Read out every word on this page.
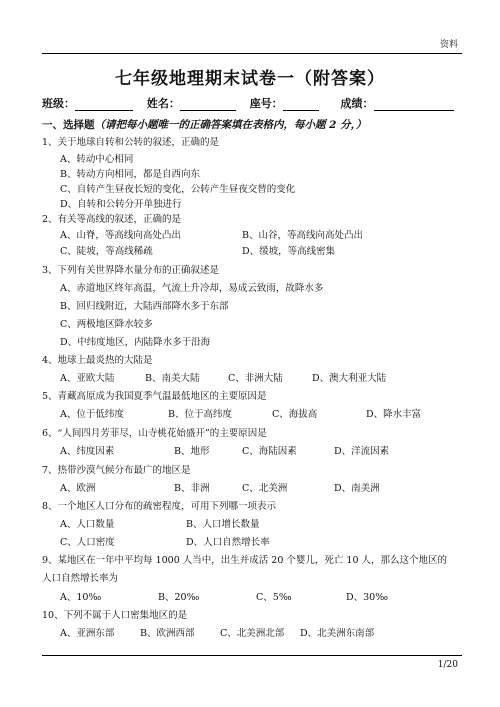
资料
七年级地理期末试卷一（附答案）
班级：	姓名：	座号：	成绩：
一、选择题（请把每小题唯一的正确答案填在表格内，每小题 2 分，）
1、关于地球自转和公转的叙述，正确的是
A、转动中心相同
B、转动方向相同，都是自西向东
C、自转产生昼夜长短的变化，公转产生昼夜交替的变化
D、自转和公转分开单独进行
2、有关等高线的叙述，正确的是
A、山脊，等高线向高处凸出	B、山谷，等高线向高处凸出
C、陡坡，等高线稀疏	D、缓坡，等高线密集
3、下列有关世界降水量分布的正确叙述是
A、赤道地区终年高温，气流上升冷却，易成云致雨，故降水多
B、回归线附近，大陆西部降水多于东部
C、两极地区降水较多
D、中纬度地区，内陆降水多于沿海
4、地球上最炎热的大陆是
A、亚欧大陆	B、南美大陆	C、非洲大陆	D、澳大利亚大陆
5、青藏高原成为我国夏季气温最低地区的主要原因是
A、位于低纬度	B、位于高纬度	C、海拔高	D、降水丰富
6、“人间四月芳菲尽，山寺桃花始盛开”的主要原因是
A、纬度因素	B、地形	C、海陆因素	D、洋流因素
7、热带沙漠气候分布最广的地区是
A、欧洲	B、非洲	C、北美洲	D、南美洲
8、一个地区人口分布的疏密程度，可用下列哪一项表示
A、人口数量	B、人口增长数量
C、人口密度	D、人口自然增长率
9、某地区在一年中平均每 1000 人当中，出生并成活 20 个婴儿，死亡 10 人，那么这个地区的
人口自然增长率为
A、10‰	B、20‰	C、5‰	D、30‰
10、下列不属于人口密集地区的是
A、亚洲东部	B、欧洲西部	C、北美洲北部 D、北美洲东南部
1/20
